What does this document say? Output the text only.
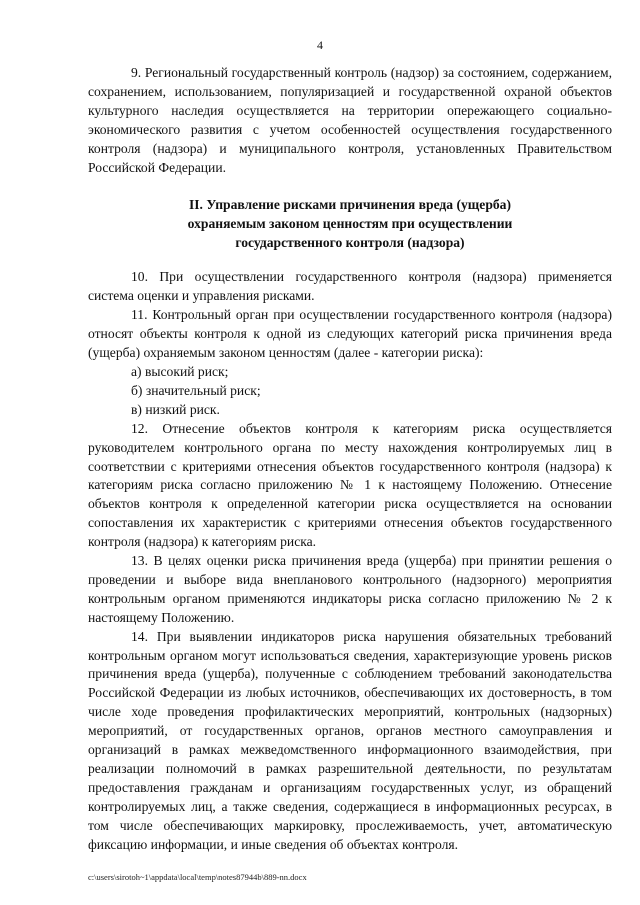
4

9. Региональный государственный контроль (надзор) за состоянием, содержанием, сохранением, использованием, популяризацией и государственной охраной объектов культурного наследия осуществляется на территории опережающего социально-экономического развития с учетом особенностей осуществления государственного контроля (надзора) и муниципального контроля, установленных Правительством Российской Федерации.

II. Управление рисками причинения вреда (ущерба)
охраняемым законом ценностям при осуществлении
государственного контроля (надзора)

10. При осуществлении государственного контроля (надзора) применяется система оценки и управления рисками.

11. Контрольный орган при осуществлении государственного контроля (надзора) относят объекты контроля к одной из следующих категорий риска причинения вреда (ущерба) охраняемым законом ценностям (далее - категории риска):

а) высокий риск;

б) значительный риск;

в) низкий риск.

12. Отнесение объектов контроля к категориям риска осуществляется руководителем контрольного органа по месту нахождения контролируемых лиц в соответствии с критериями отнесения объектов государственного контроля (надзора) к категориям риска согласно приложению № 1 к настоящему Положению. Отнесение объектов контроля к определенной категории риска осуществляется на основании сопоставления их характеристик с критериями отнесения объектов государственного контроля (надзора) к категориям риска.

13. В целях оценки риска причинения вреда (ущерба) при принятии решения о проведении и выборе вида внепланового контрольного (надзорного) мероприятия контрольным органом применяются индикаторы риска согласно приложению № 2 к настоящему Положению.

14. При выявлении индикаторов риска нарушения обязательных требований контрольным органом могут использоваться сведения, характеризующие уровень рисков причинения вреда (ущерба), полученные с соблюдением требований законодательства Российской Федерации из любых источников, обеспечивающих их достоверность, в том числе ходе проведения профилактических мероприятий, контрольных (надзорных) мероприятий, от государственных органов, органов местного самоуправления и организаций в рамках межведомственного информационного взаимодействия, при реализации полномочий в рамках разрешительной деятельности, по результатам предоставления гражданам и организациям государственных услуг, из обращений контролируемых лиц, а также сведения, содержащиеся в информационных ресурсах, в том числе обеспечивающих маркировку, прослеживаемость, учет, автоматическую фиксацию информации, и иные сведения об объектах контроля.

c:\users\sirotoh~1\appdata\local\temp\notes87944b\889-nn.docx
